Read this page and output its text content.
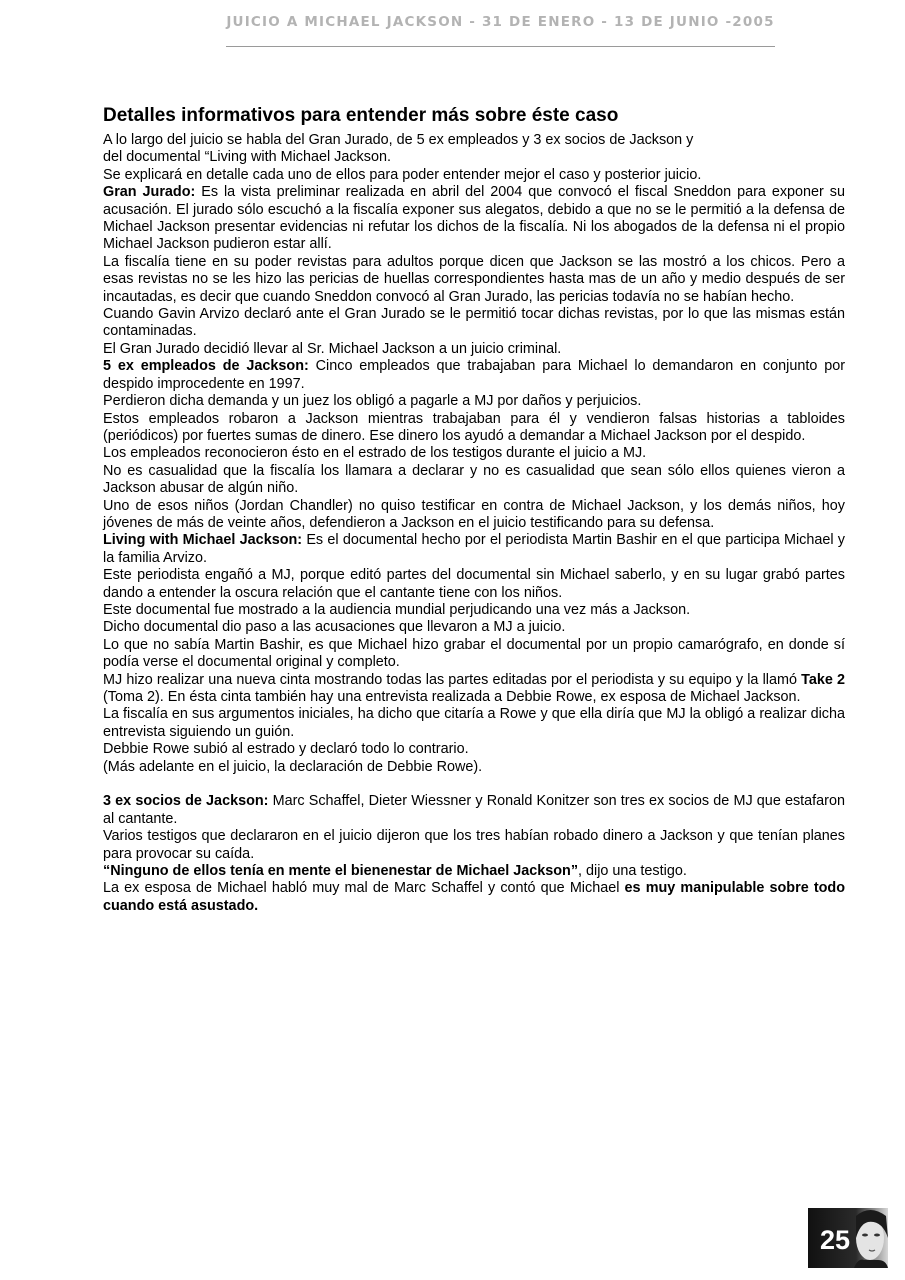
JUICIO A MICHAEL JACKSON - 31 DE ENERO - 13 DE JUNIO -2005
Detalles informativos para entender más sobre éste caso

A lo largo del juicio se habla del Gran Jurado, de 5 ex empleados y 3 ex socios de Jackson y

del documental “Living with Michael Jackson.

Se explicará en detalle cada uno de ellos para poder entender mejor el caso y posterior juicio.

Gran Jurado: Es la vista preliminar realizada en abril del 2004 que convocó el fiscal Sneddon para exponer su acusación. El jurado sólo escuchó a la fiscalía exponer sus alegatos, debido a que no se le permitió a la defensa de Michael Jackson presentar evidencias ni refutar los dichos de la fiscalía. Ni los abogados de la defensa ni el propio Michael Jackson pudieron estar allí.

La fiscalía tiene en su poder revistas para adultos porque dicen que Jackson se las mostró a los chicos. Pero a esas revistas no se les hizo las pericias de huellas correspondientes hasta mas de un año y medio después de ser incautadas, es decir que cuando Sneddon convocó al Gran Jurado, las pericias todavía no se habían hecho.

Cuando Gavin Arvizo declaró ante el Gran Jurado se le permitió tocar dichas revistas, por lo que las mismas están contaminadas.

El Gran Jurado decidió llevar al Sr. Michael Jackson a un juicio criminal.

5 ex empleados de Jackson: Cinco empleados que trabajaban para Michael lo demandaron en conjunto por despido improcedente en 1997.

Perdieron dicha demanda y un juez los obligó a pagarle a MJ por daños y perjuicios.

Estos empleados robaron a Jackson mientras trabajaban para él y vendieron falsas historias a tabloides (periódicos) por fuertes sumas de dinero. Ese dinero los ayudó a demandar a Michael Jackson por el despido.

Los empleados reconocieron ésto en el estrado de los testigos durante el juicio a MJ.

No es casualidad que la fiscalía los llamara a declarar y no es casualidad que sean sólo ellos quienes vieron a Jackson abusar de algún niño.

Uno de esos niños (Jordan Chandler) no quiso testificar en contra de Michael Jackson, y los demás niños, hoy jóvenes de más de veinte años, defendieron a Jackson en el juicio testificando para su defensa.

Living with Michael Jackson: Es el documental hecho por el periodista Martin Bashir en el que participa Michael y la familia Arvizo.

Este periodista engañó a MJ, porque editó partes del documental sin Michael saberlo, y en su lugar grabó partes dando a entender la oscura relación que el cantante tiene con los niños.

Este documental fue mostrado a la audiencia mundial perjudicando una vez más a Jackson.

Dicho documental dio paso a las acusaciones que llevaron a MJ a juicio.

Lo que no sabía Martin Bashir, es que Michael hizo grabar el documental por un propio camarógrafo, en donde sí podía verse el documental original y completo.

MJ hizo realizar una nueva cinta mostrando todas las partes editadas por el periodista y su equipo y la llamó Take 2 (Toma 2). En ésta cinta también hay una entrevista realizada a Debbie Rowe, ex esposa de Michael Jackson.

La fiscalía en sus argumentos iniciales, ha dicho que citaría a Rowe y que ella diría que MJ la obligó a realizar dicha entrevista siguiendo un guión.

Debbie Rowe subió al estrado y declaró todo lo contrario.

(Más adelante en el juicio, la declaración de Debbie Rowe).

3 ex socios de Jackson: Marc Schaffel, Dieter Wiessner y Ronald Konitzer son tres ex socios de MJ que estafaron al cantante.

Varios testigos que declararon en el juicio dijeron que los tres habían robado dinero a Jackson y que tenían planes para provocar su caída.

“Ninguno de ellos tenía en mente el bienenestar de Michael Jackson”, dijo una testigo.

La ex esposa de Michael habló muy mal de Marc Schaffel y contó que Michael es muy manipulable sobre todo cuando está asustado.

25
